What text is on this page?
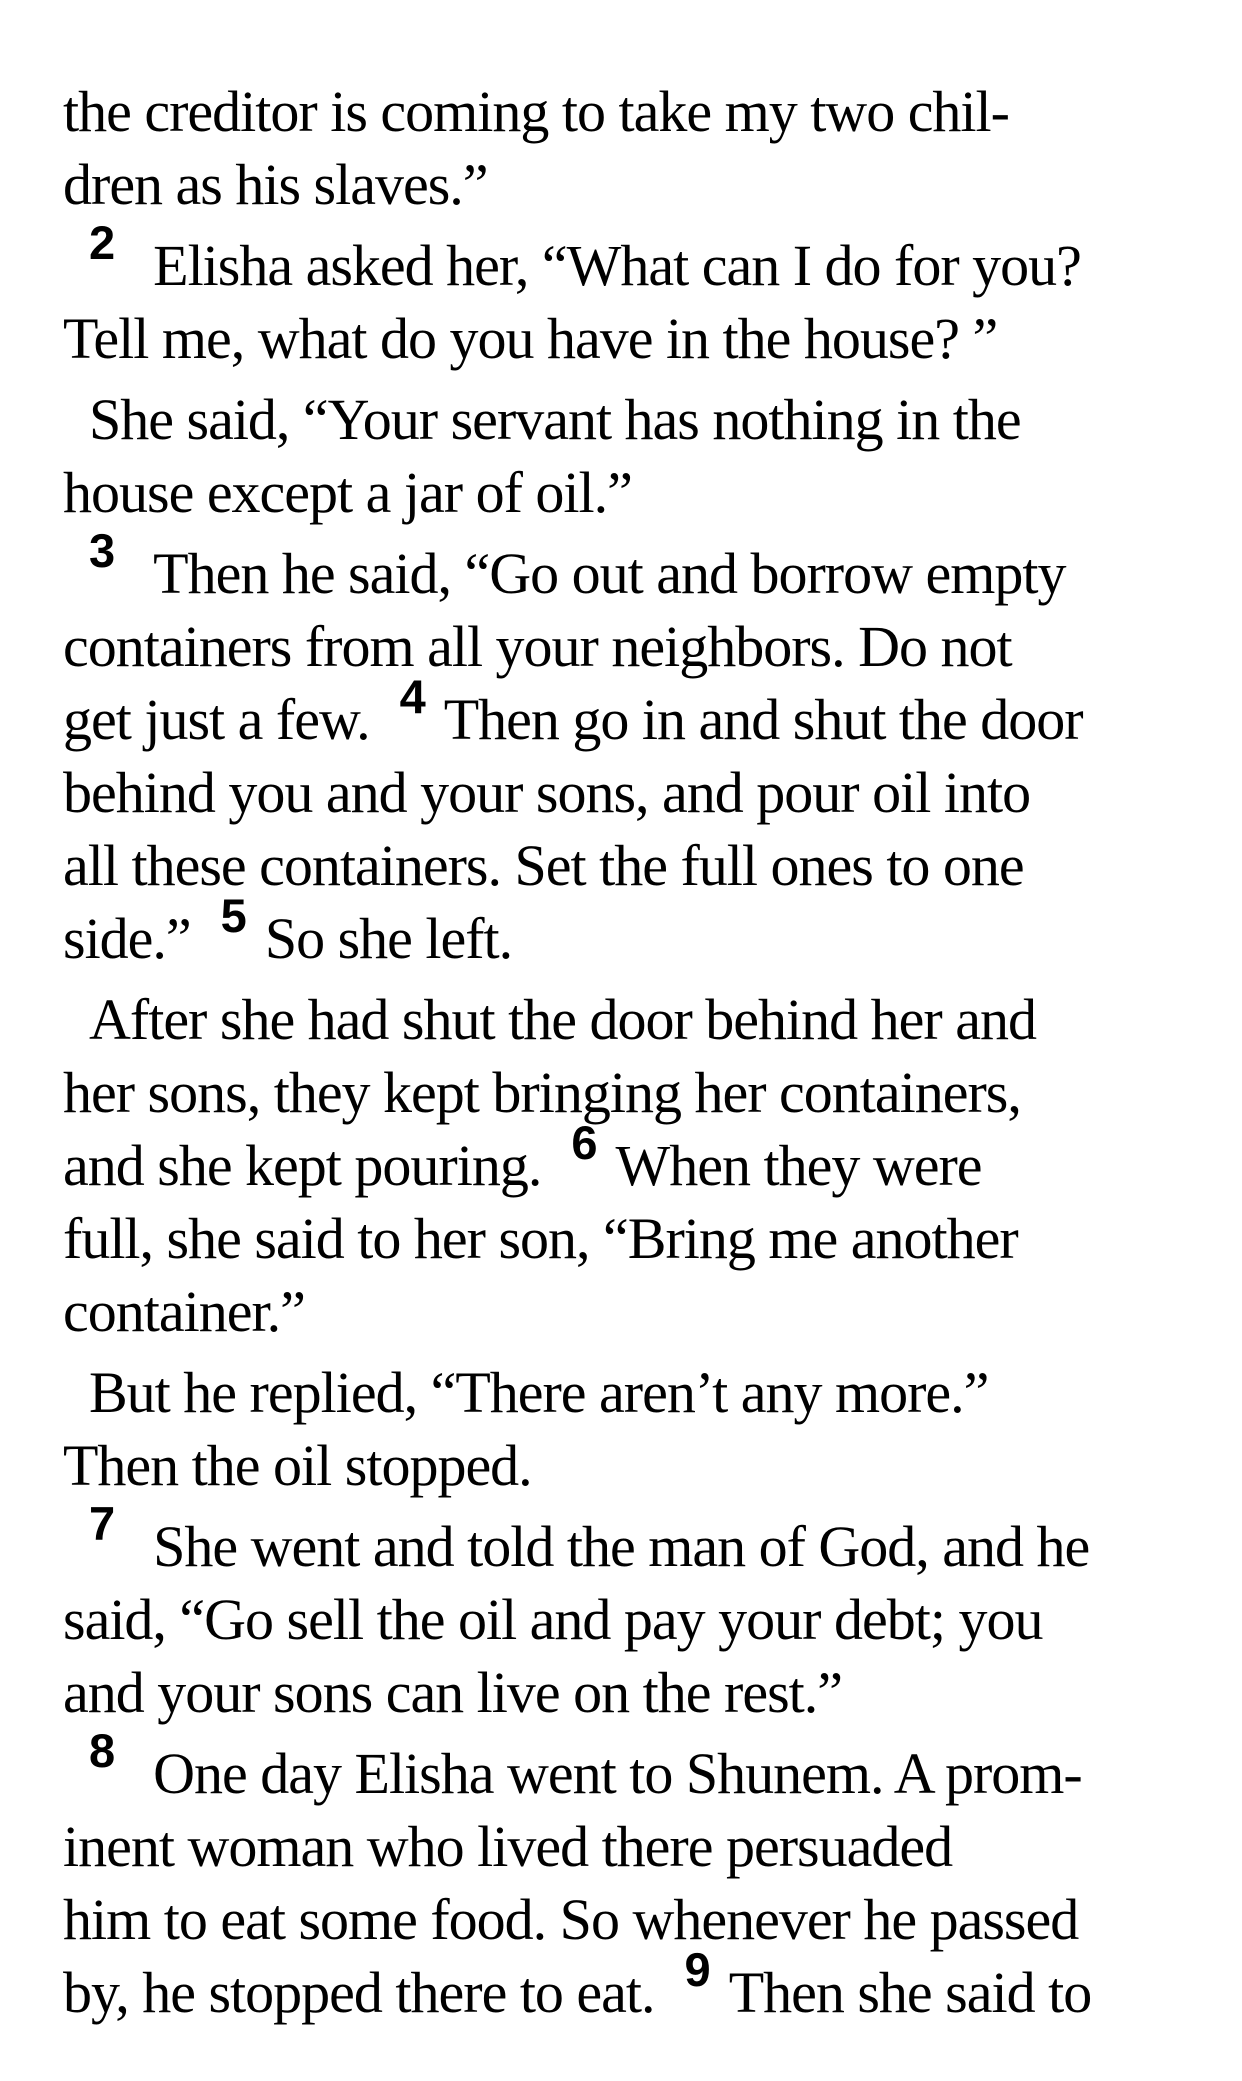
the creditor is coming to take my two chil-
dren as his slaves.”
2 Elisha asked her, “What can I do for you?
Tell me, what do you have in the house? ”
She said, “Your servant has nothing in the
house except a jar of oil.”
3 Then he said, “Go out and borrow empty
containers from all your neighbors. Do not
get just a few. 4 Then go in and shut the door
behind you and your sons, and pour oil into
all these containers. Set the full ones to one
side.” 5 So she left.
After she had shut the door behind her and
her sons, they kept bringing her containers,
and she kept pouring. 6 When they were
full, she said to her son, “Bring me another
container.”
But he replied, “There aren’t any more.”
Then the oil stopped.
7 She went and told the man of God, and he
said, “Go sell the oil and pay your debt; you
and your sons can live on the rest.”
8 One day Elisha went to Shunem. A prom-
inent woman who lived there persuaded
him to eat some food. So whenever he passed
by, he stopped there to eat. 9 Then she said to
